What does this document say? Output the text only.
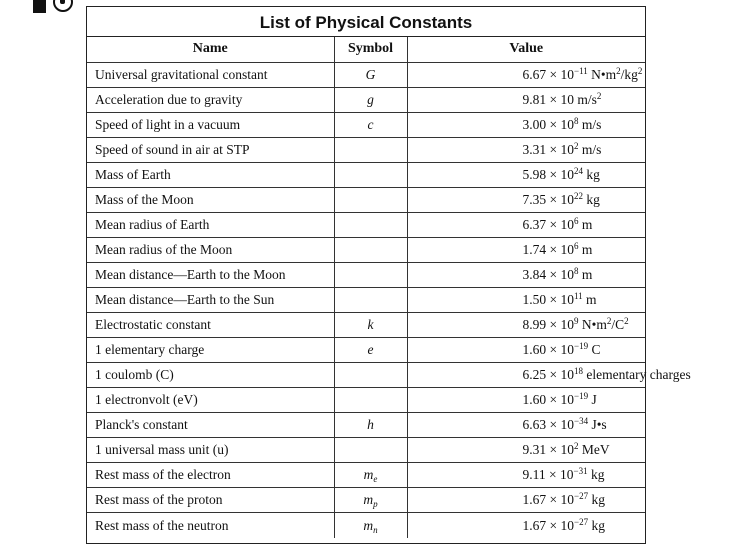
List of Physical Constants
Name	Symbol	Value
Universal gravitational constant	G	$6.67 \times 10^{-11}$ $N•m^2/kg^2$
Acceleration due to gravity	g	9.81 × 10 $m/s^2$
Speed of light in a vacuum	c	$3.00 \times 10^8$ m/s
Speed of sound in air at STP		$3.31 \times 10^2$ m/s
Mass of Earth		$5.98 \times 10^{24}$ kg
Mass of the Moon		$7.35 \times 10^{22}$ kg
Mean radius of Earth		$6.37 \times 10^6$ m
Mean radius of the Moon		$1.74 \times 10^6$ m
Mean distance—Earth to the Moon		$3.84 \times 10^8$ m
Mean distance—Earth to the Sun		$1.50 \times 10^{11}$ m
Electrostatic constant	k	$8.99 \times 10^9$ $N•m^2/C^2$
1 elementary charge	e	$1.60 \times 10^{-19}$ C
1 coulomb (C)		$6.25 \times 10^{18}$ elementary charges
1 electronvolt (eV)		$1.60 \times 10^{-19}$ J
Planck's constant	h	$6.63 \times 10^{-34}$ J•s
1 universal mass unit (u)		$9.31 \times 10^2$ MeV
Rest mass of the electron	$m_e$	$9.11 \times 10^{-31}$ kg
Rest mass of the proton	$m_p$	$1.67 \times 10^{-27}$ kg
Rest mass of the neutron	$m_n$	$1.67 \times 10^{-27}$ kg
